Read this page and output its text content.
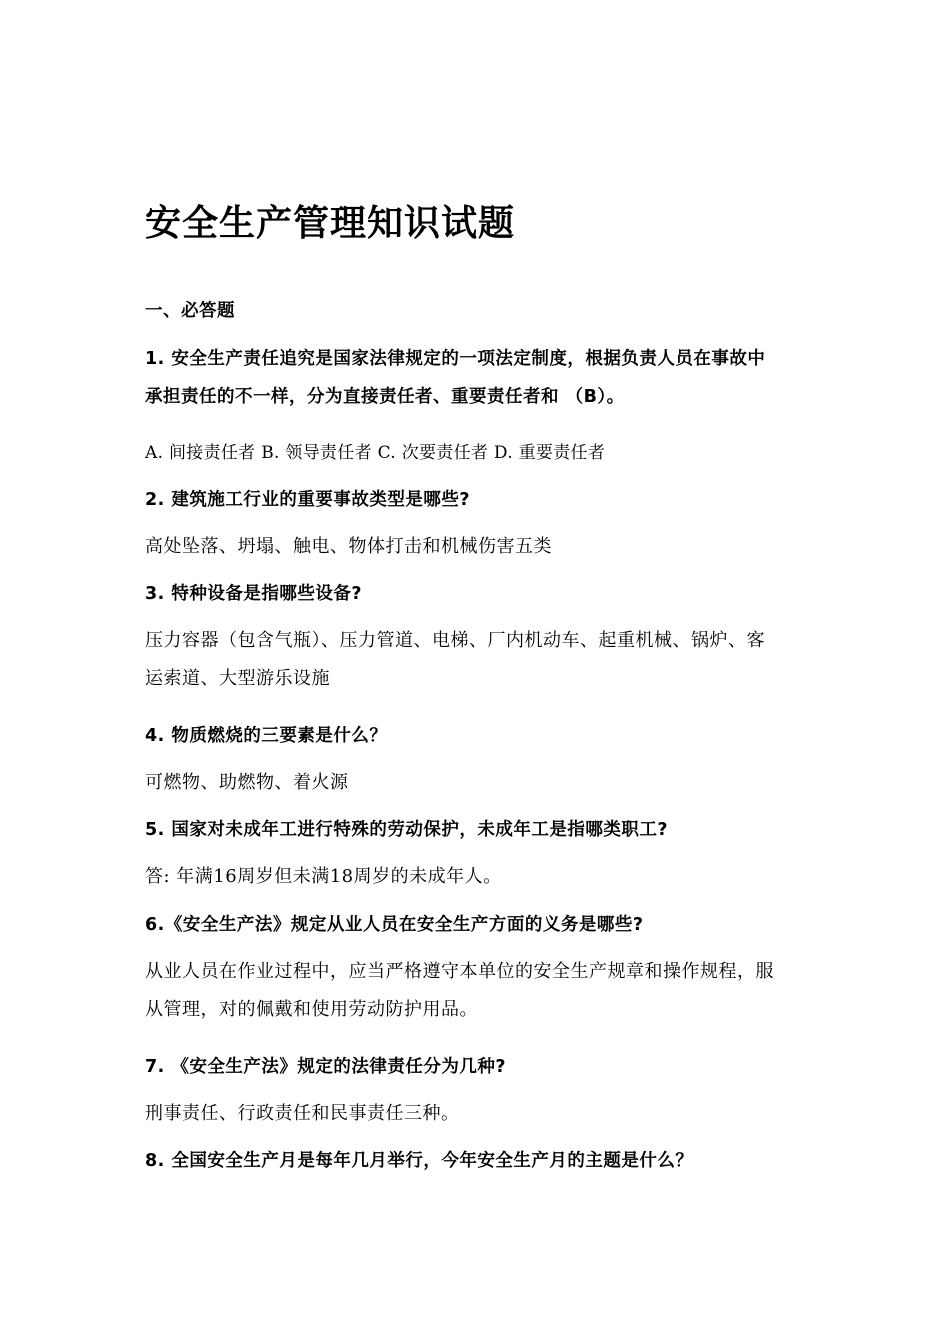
安全生产管理知识试题
一、必答题
1. 安全生产责任追究是国家法律规定的一项法定制度，根据负责人员在事故中
承担责任的不一样，分为直接责任者、重要责任者和 （B）。
A. 间接责任者 B. 领导责任者 C. 次要责任者 D. 重要责任者
2. 建筑施工行业的重要事故类型是哪些?
高处坠落、坍塌、触电、物体打击和机械伤害五类
3. 特种设备是指哪些设备?
压力容器（包含气瓶）、压力管道、电梯、厂内机动车、起重机械、锅炉、客
运索道、大型游乐设施
4. 物质燃烧的三要素是什么？
可燃物、助燃物、着火源
5. 国家对未成年工进行特殊的劳动保护，未成年工是指哪类职工?
答: 年满16周岁但未满18周岁的未成年人。
6.《安全生产法》规定从业人员在安全生产方面的义务是哪些?
从业人员在作业过程中，应当严格遵守本单位的安全生产规章和操作规程，服
从管理，对的佩戴和使用劳动防护用品。
7. 《安全生产法》规定的法律责任分为几种?
刑事责任、行政责任和民事责任三种。
8. 全国安全生产月是每年几月举行，今年安全生产月的主题是什么？
